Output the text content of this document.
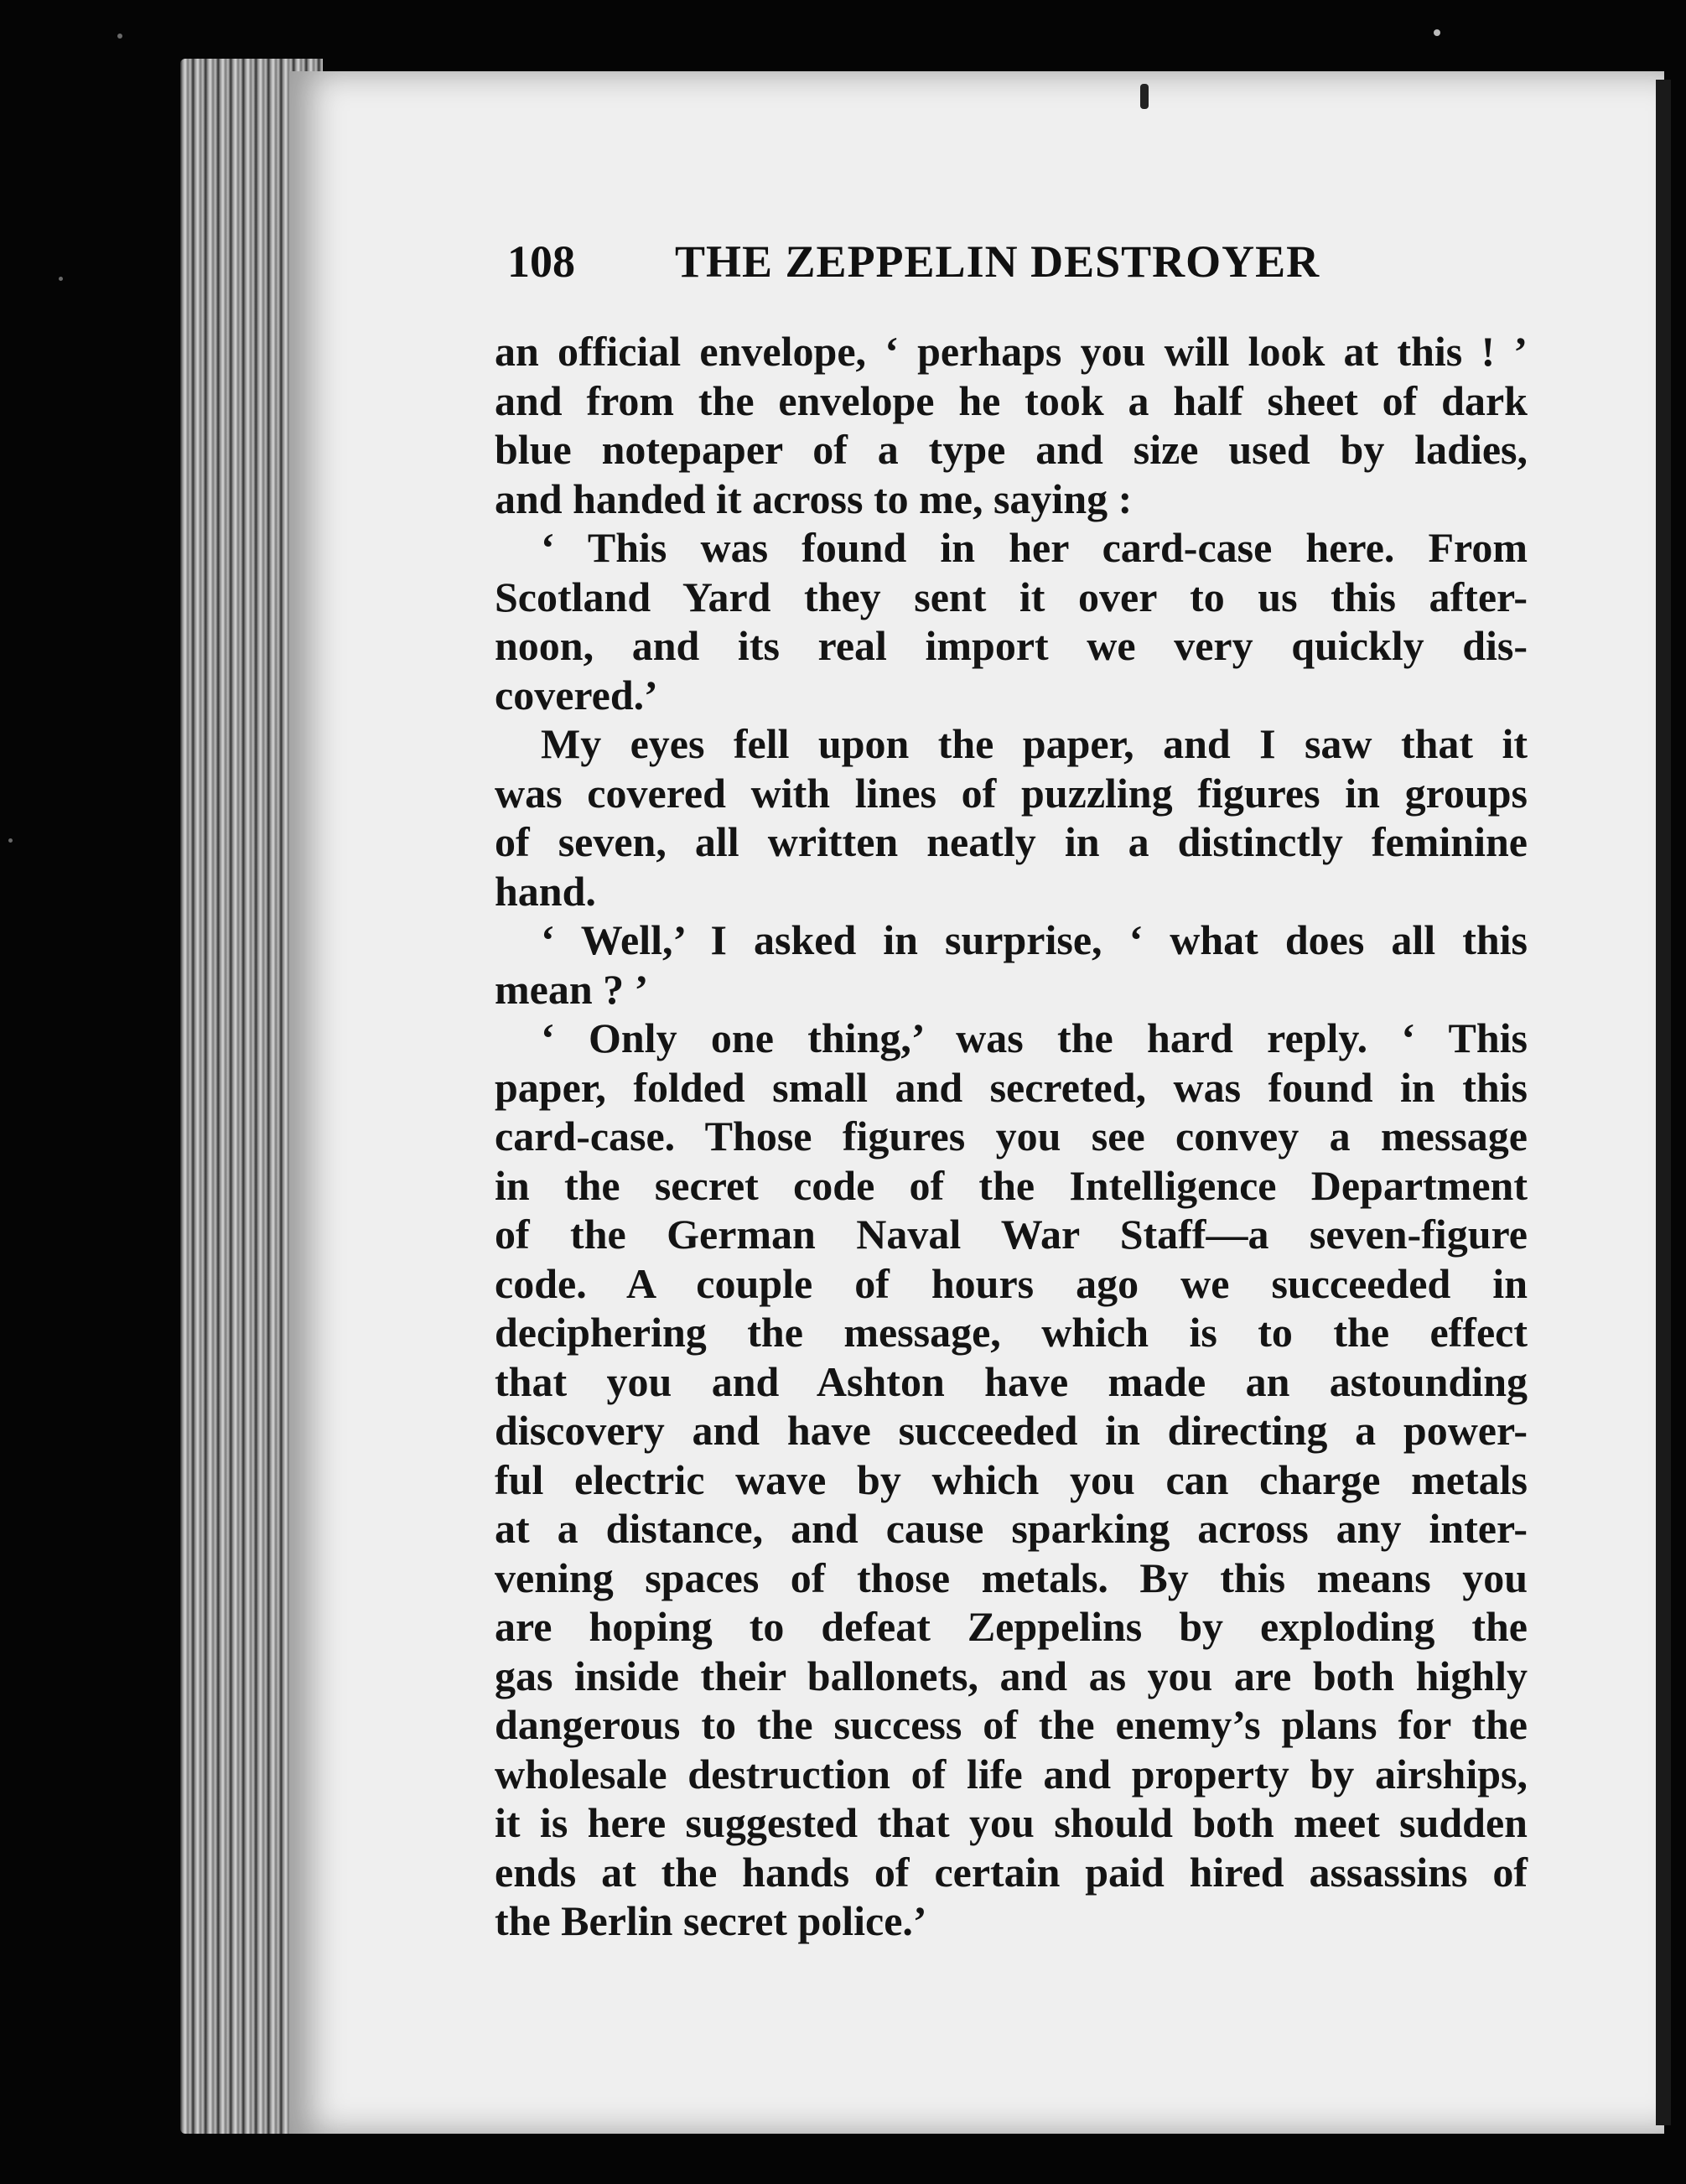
108 THE ZEPPELIN DESTROYER
an official envelope, ‘ perhaps you will look at this ! ’
and from the envelope he took a half sheet of dark
blue notepaper of a type and size used by ladies,
and handed it across to me, saying :
‘ This was found in her card-case here. From
Scotland Yard they sent it over to us this after-
noon, and its real import we very quickly dis-
covered.’
My eyes fell upon the paper, and I saw that it
was covered with lines of puzzling figures in groups
of seven, all written neatly in a distinctly feminine
hand.
‘ Well,’ I asked in surprise, ‘ what does all this
mean ? ’
‘ Only one thing,’ was the hard reply. ‘ This
paper, folded small and secreted, was found in this
card-case. Those figures you see convey a message
in the secret code of the Intelligence Department
of the German Naval War Staff—a seven-figure
code. A couple of hours ago we succeeded in
deciphering the message, which is to the effect
that you and Ashton have made an astounding
discovery and have succeeded in directing a power-
ful electric wave by which you can charge metals
at a distance, and cause sparking across any inter-
vening spaces of those metals. By this means you
are hoping to defeat Zeppelins by exploding the
gas inside their ballonets, and as you are both highly
dangerous to the success of the enemy’s plans for the
wholesale destruction of life and property by airships,
it is here suggested that you should both meet sudden
ends at the hands of certain paid hired assassins of
the Berlin secret police.’
